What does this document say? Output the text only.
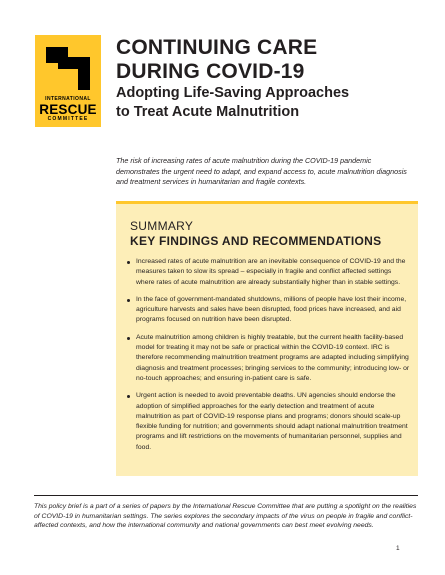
INTERNATIONAL
RESCUE
COMMITTEE
CONTINUING CARE
DURING COVID-19
Adopting Life-Saving Approaches
to Treat Acute Malnutrition

The risk of increasing rates of acute malnutrition during the COVID-19 pandemic demonstrates the urgent need to adapt, and expand access to, acute malnutrition diagnosis and treatment services in humanitarian and fragile contexts.

SUMMARY
KEY FINDINGS AND RECOMMENDATIONS
Increased rates of acute malnutrition are an inevitable consequence of COVID-19 and the measures taken to slow its spread – especially in fragile and conflict affected settings where rates of acute malnutrition are already substantially higher than in stable settings.
In the face of government-mandated shutdowns, millions of people have lost their income, agriculture harvests and sales have been disrupted, food prices have increased, and aid programs focused on nutrition have been disrupted.
Acute malnutrition among children is highly treatable, but the current health facility-based model for treating it may not be safe or practical within the COVID-19 context. IRC is therefore recommending malnutrition treatment programs are adapted including simplifying diagnosis and treatment processes; bringing services to the community; introducing low- or no-touch approaches; and ensuring in-patient care is safe.
Urgent action is needed to avoid preventable deaths. UN agencies should endorse the adoption of simplified approaches for the early detection and treatment of acute malnutrition as part of COVID-19 response plans and programs; donors should scale-up flexible funding for nutrition; and governments should adapt national malnutrition treatment programs and lift restrictions on the movements of humanitarian personnel, supplies and food.

This policy brief is a part of a series of papers by the International Rescue Committee that are putting a spotlight on the realities of COVID-19 in humanitarian settings. The series explores the secondary impacts of the virus on people in fragile and conflict-affected contexts, and how the international community and national governments can best meet evolving needs.

1
